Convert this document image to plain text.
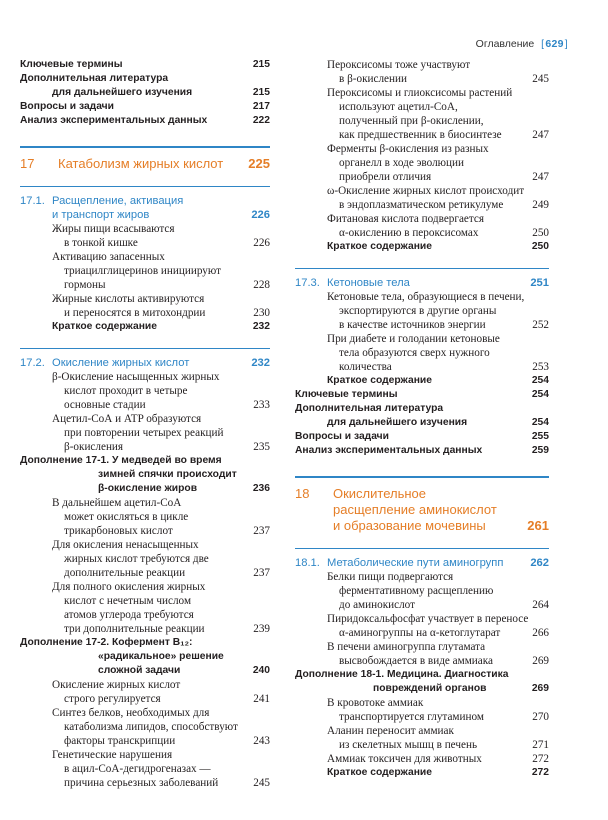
Оглавление [ 629 ]
Ключевые термины	215
Дополнительная литература
для дальнейшего изучения	215
Вопросы и задачи	217
Анализ экспериментальных данных	222
17	Катаболизм жирных кислот	225
17.1. Расщепление, активация
и транспорт жиров	226
Жиры пищи всасываются
в тонкой кишке	226
Активацию запасенных
триацилглицеринов инициируют
гормоны	228
Жирные кислоты активируются
и переносятся в митохондрии	230
Краткое содержание	232
17.2. Окисление жирных кислот	232
β-Окисление насыщенных жирных
кислот проходит в четыре
основные стадии	233
Ацетил-СоА и ATP образуются
при повторении четырех реакций
β-окисления	235
Дополнение 17-1. У медведей во время
зимней спячки происходит
β-окисление жиров	236
В дальнейшем ацетил-СоА
может окисляться в цикле
трикарбоновых кислот	237
Для окисления ненасыщенных
жирных кислот требуются две
дополнительные реакции	237
Для полного окисления жирных
кислот с нечетным числом
атомов углерода требуются
три дополнительные реакции	239
Дополнение 17-2. Кофермент B₁₂:
«радикальное» решение
сложной задачи	240
Окисление жирных кислот
строго регулируется	241
Синтез белков, необходимых для
катаболизма липидов, способствуют
факторы транскрипции	243
Генетические нарушения
в ацил-СоА-дегидрогеназах —
причина серьезных заболеваний	245
Пероксисомы тоже участвуют
в β-окислении	245
Пероксисомы и глиоксисомы растений
используют ацетил-СоА,
полученный при β-окислении,
как предшественник в биосинтезе	247
Ферменты β-окисления из разных
органелл в ходе эволюции
приобрели отличия	247
ω-Окисление жирных кислот происходит
в эндоплазматическом ретикулуме	249
Фитановая кислота подвергается
α-окислению в пероксисомах	250
Краткое содержание	250
17.3. Кетоновые тела	251
Кетоновые тела, образующиеся в печени,
экспортируются в другие органы
в качестве источников энергии	252
При диабете и голодании кетоновые
тела образуются сверх нужного
количества	253
Краткое содержание	254
Ключевые термины	254
Дополнительная литература
для дальнейшего изучения	254
Вопросы и задачи	255
Анализ экспериментальных данных	259
18	Окислительное
расщепление аминокислот
и образование мочевины	261
18.1. Метаболические пути аминогрупп	262
Белки пищи подвергаются
ферментативному расщеплению
до аминокислот	264
Пиридоксальфосфат участвует в переносе
α-аминогруппы на α-кетоглутарат	266
В печени аминогруппа глутамата
высвобождается в виде аммиака	269
Дополнение 18-1. Медицина. Диагностика
повреждений органов	269
В кровотоке аммиак
транспортируется глутамином	270
Аланин переносит аммиак
из скелетных мышц в печень	271
Аммиак токсичен для животных	272
Краткое содержание	272
